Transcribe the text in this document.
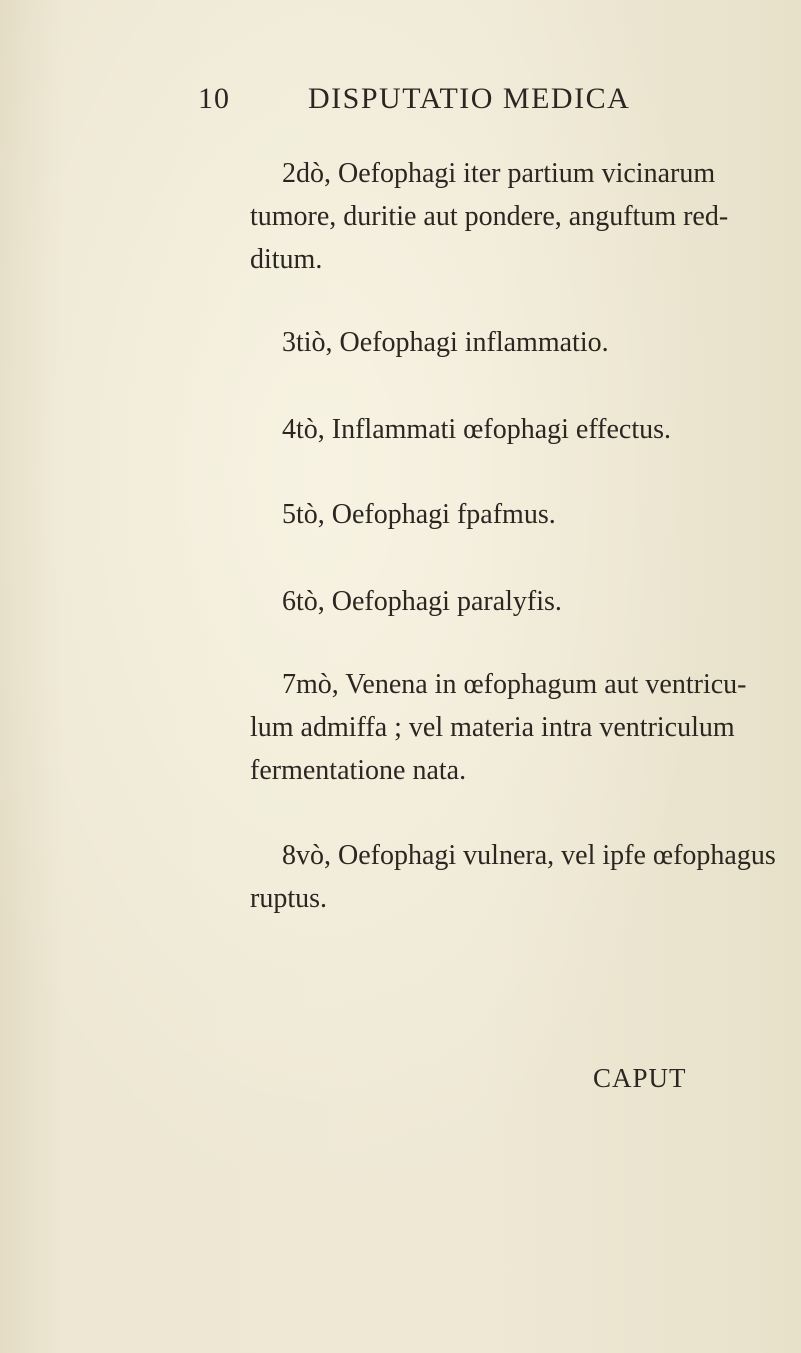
10	DISPUTATIO MEDICA
2dò, Oefophagi iter partium vicinarum
tumore, duritie aut pondere, anguftum red-
ditum.
3tiò, Oefophagi inflammatio.
4tò, Inflammati œfophagi effectus.
5tò, Oefophagi fpafmus.
6tò, Oefophagi paralyfis.
7mò, Venena in œfophagum aut ventricu-
lum admiffa ; vel materia intra ventriculum
fermentatione nata.
8vò, Oefophagi vulnera, vel ipfe œfophagus
ruptus.
CAPUT
